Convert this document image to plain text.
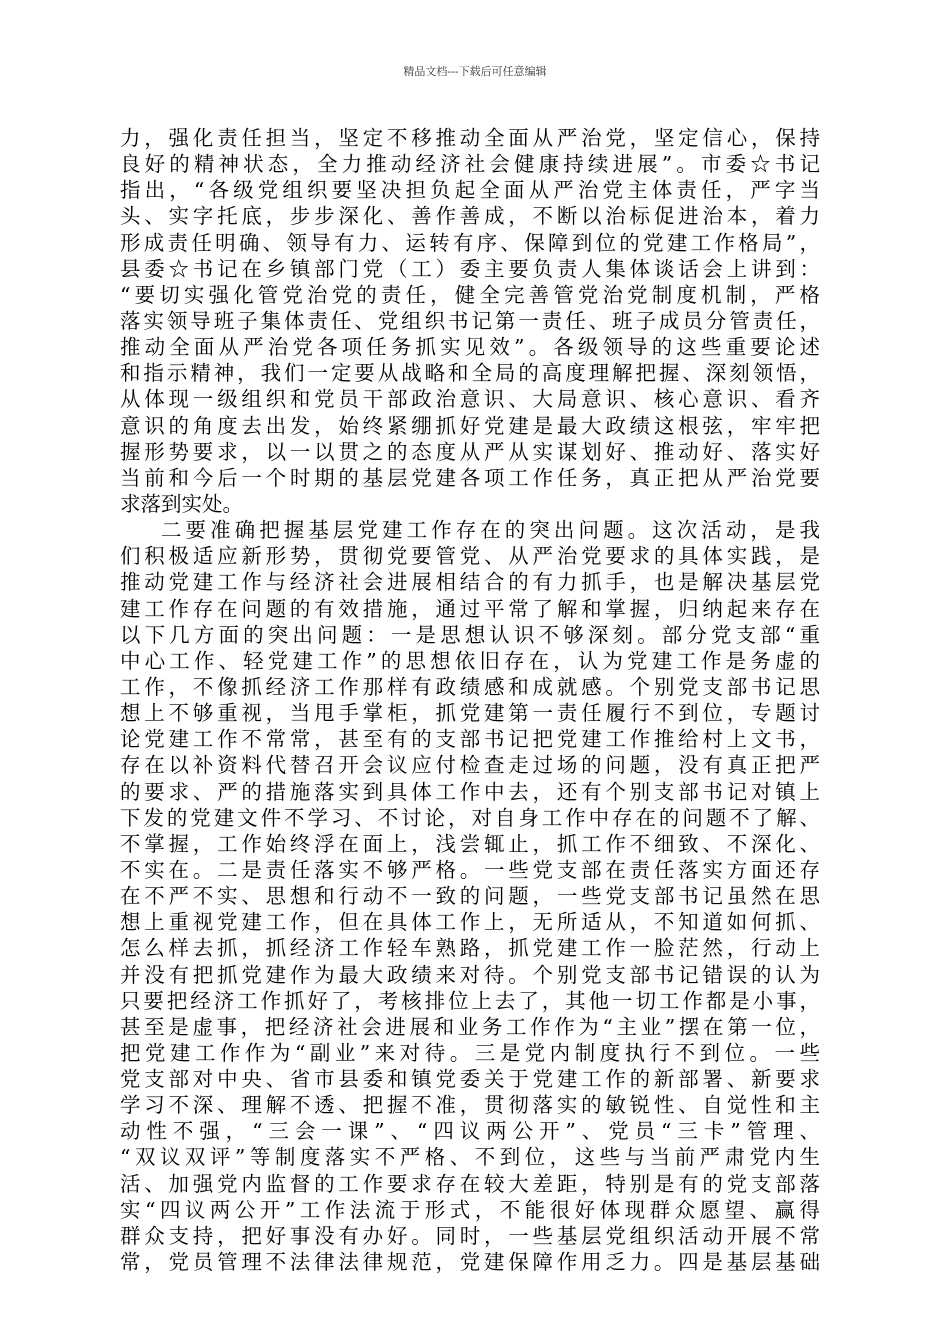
精品文档---下载后可任意编辑
力，强化责任担当，坚定不移推动全面从严治党，坚定信心，保持
良好的精神状态，全力推动经济社会健康持续进展”。市委☆书记
指出，“各级党组织要坚决担负起全面从严治党主体责任，严字当
头、实字托底，步步深化、善作善成，不断以治标促进治本，着力
形成责任明确、领导有力、运转有序、保障到位的党建工作格局”，
县委☆书记在乡镇部门党（工）委主要负责人集体谈话会上讲到：
“要切实强化管党治党的责任，健全完善管党治党制度机制，严格
落实领导班子集体责任、党组织书记第一责任、班子成员分管责任，
推动全面从严治党各项任务抓实见效”。各级领导的这些重要论述
和指示精神，我们一定要从战略和全局的高度理解把握、深刻领悟，
从体现一级组织和党员干部政治意识、大局意识、核心意识、看齐
意识的角度去出发，始终紧绷抓好党建是最大政绩这根弦，牢牢把
握形势要求，以一以贯之的态度从严从实谋划好、推动好、落实好
当前和今后一个时期的基层党建各项工作任务，真正把从严治党要
求落到实处。
二要准确把握基层党建工作存在的突出问题。这次活动，是我
们积极适应新形势，贯彻党要管党、从严治党要求的具体实践，是
推动党建工作与经济社会进展相结合的有力抓手，也是解决基层党
建工作存在问题的有效措施，通过平常了解和掌握，归纳起来存在
以下几方面的突出问题：一是思想认识不够深刻。部分党支部“重
中心工作、轻党建工作”的思想依旧存在，认为党建工作是务虚的
工作，不像抓经济工作那样有政绩感和成就感。个别党支部书记思
想上不够重视，当甩手掌柜，抓党建第一责任履行不到位，专题讨
论党建工作不常常，甚至有的支部书记把党建工作推给村上文书，
存在以补资料代替召开会议应付检查走过场的问题，没有真正把严
的要求、严的措施落实到具体工作中去，还有个别支部书记对镇上
下发的党建文件不学习、不讨论，对自身工作中存在的问题不了解、
不掌握，工作始终浮在面上，浅尝辄止，抓工作不细致、不深化、
不实在。二是责任落实不够严格。一些党支部在责任落实方面还存
在不严不实、思想和行动不一致的问题，一些党支部书记虽然在思
想上重视党建工作，但在具体工作上，无所适从，不知道如何抓、
怎么样去抓，抓经济工作轻车熟路，抓党建工作一脸茫然，行动上
并没有把抓党建作为最大政绩来对待。个别党支部书记错误的认为
只要把经济工作抓好了，考核排位上去了，其他一切工作都是小事，
甚至是虚事，把经济社会进展和业务工作作为“主业”摆在第一位，
把党建工作作为“副业”来对待。三是党内制度执行不到位。一些
党支部对中央、省市县委和镇党委关于党建工作的新部署、新要求
学习不深、理解不透、把握不准，贯彻落实的敏锐性、自觉性和主
动性不强，“三会一课”、“四议两公开”、党员“三卡”管理、
“双议双评”等制度落实不严格、不到位，这些与当前严肃党内生
活、加强党内监督的工作要求存在较大差距，特别是有的党支部落
实“四议两公开”工作法流于形式，不能很好体现群众愿望、赢得
群众支持，把好事没有办好。同时，一些基层党组织活动开展不常
常，党员管理不法律法律规范，党建保障作用乏力。四是基层基础
